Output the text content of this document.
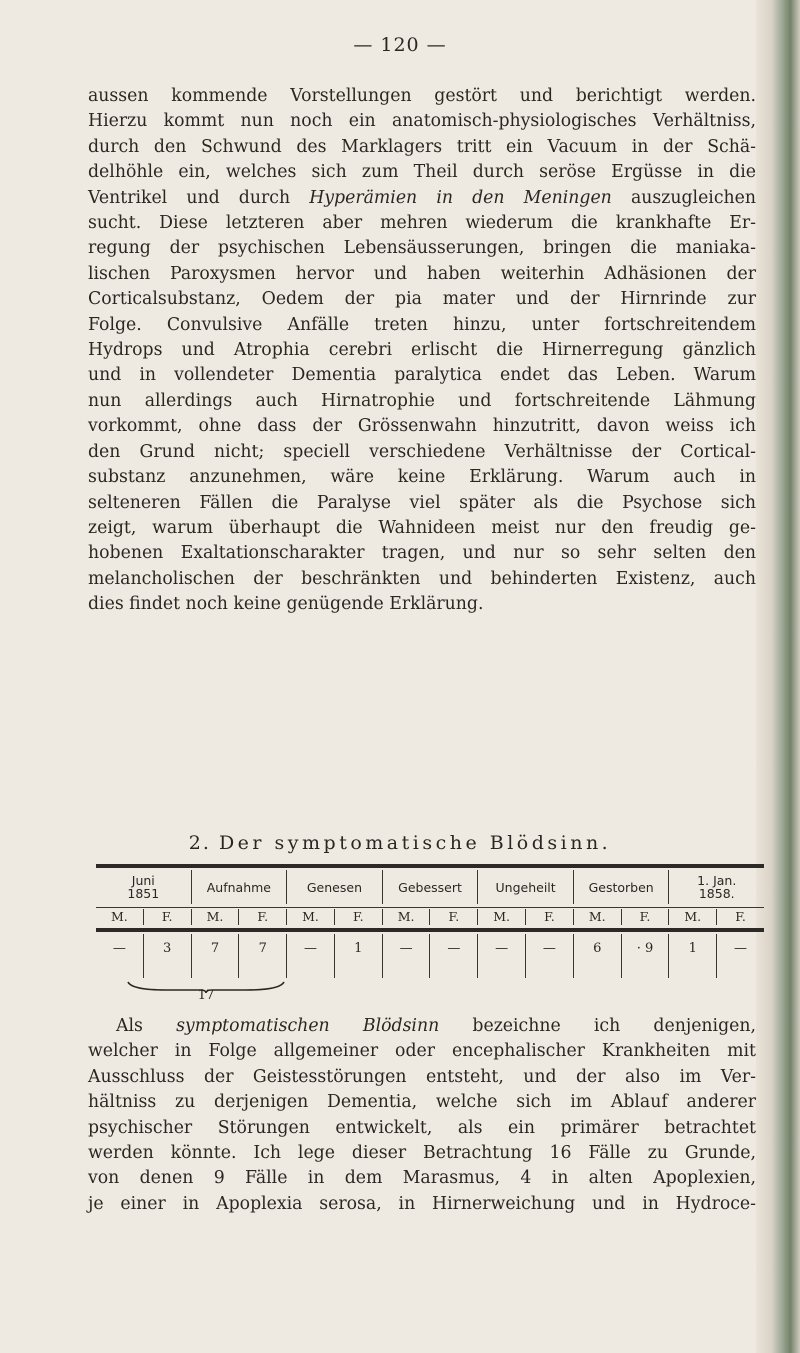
— 120 —
aussen kommende Vorstellungen gestört und berichtigt werden.
Hierzu kommt nun noch ein anatomisch-physiologisches Verhältniss,
durch den Schwund des Marklagers tritt ein Vacuum in der Schä-
delhöhle ein, welches sich zum Theil durch seröse Ergüsse in die
Ventrikel und durch Hyperämien in den Meningen auszugleichen
sucht. Diese letzteren aber mehren wiederum die krankhafte Er-
regung der psychischen Lebensäusserungen, bringen die maniaka-
lischen Paroxysmen hervor und haben weiterhin Adhäsionen der
Corticalsubstanz, Oedem der pia mater und der Hirnrinde zur
Folge. Convulsive Anfälle treten hinzu, unter fortschreitendem
Hydrops und Atrophia cerebri erlischt die Hirnerregung gänzlich
und in vollendeter Dementia paralytica endet das Leben. Warum
nun allerdings auch Hirnatrophie und fortschreitende Lähmung
vorkommt, ohne dass der Grössenwahn hinzutritt, davon weiss ich
den Grund nicht; speciell verschiedene Verhältnisse der Cortical-
substanz anzunehmen, wäre keine Erklärung. Warum auch in
selteneren Fällen die Paralyse viel später als die Psychose sich
zeigt, warum überhaupt die Wahnideen meist nur den freudig ge-
hobenen Exaltationscharakter tragen, und nur so sehr selten den
melancholischen der beschränkten und behinderten Existenz, auch
dies findet noch keine genügende Erklärung.
2. Der symptomatische Blödsinn.
Juni
1851	Aufnahme	Genesen	Gebessert	Ungeheilt	Gestorben	1. Jan.
1858.
M.	F.	M.	F.	M.	F.	M.	F.	M.	F.	M.	F.	M.	F.
—	3	7	7	—	1	—	—	—	—	6	· 9	1	—
17
Als symptomatischen Blödsinn bezeichne ich denjenigen,
welcher in Folge allgemeiner oder encephalischer Krankheiten mit
Ausschluss der Geistesstörungen entsteht, und der also im Ver-
hältniss zu derjenigen Dementia, welche sich im Ablauf anderer
psychischer Störungen entwickelt, als ein primärer betrachtet
werden könnte. Ich lege dieser Betrachtung 16 Fälle zu Grunde,
von denen 9 Fälle in dem Marasmus, 4 in alten Apoplexien,
je einer in Apoplexia serosa, in Hirnerweichung und in Hydroce-
